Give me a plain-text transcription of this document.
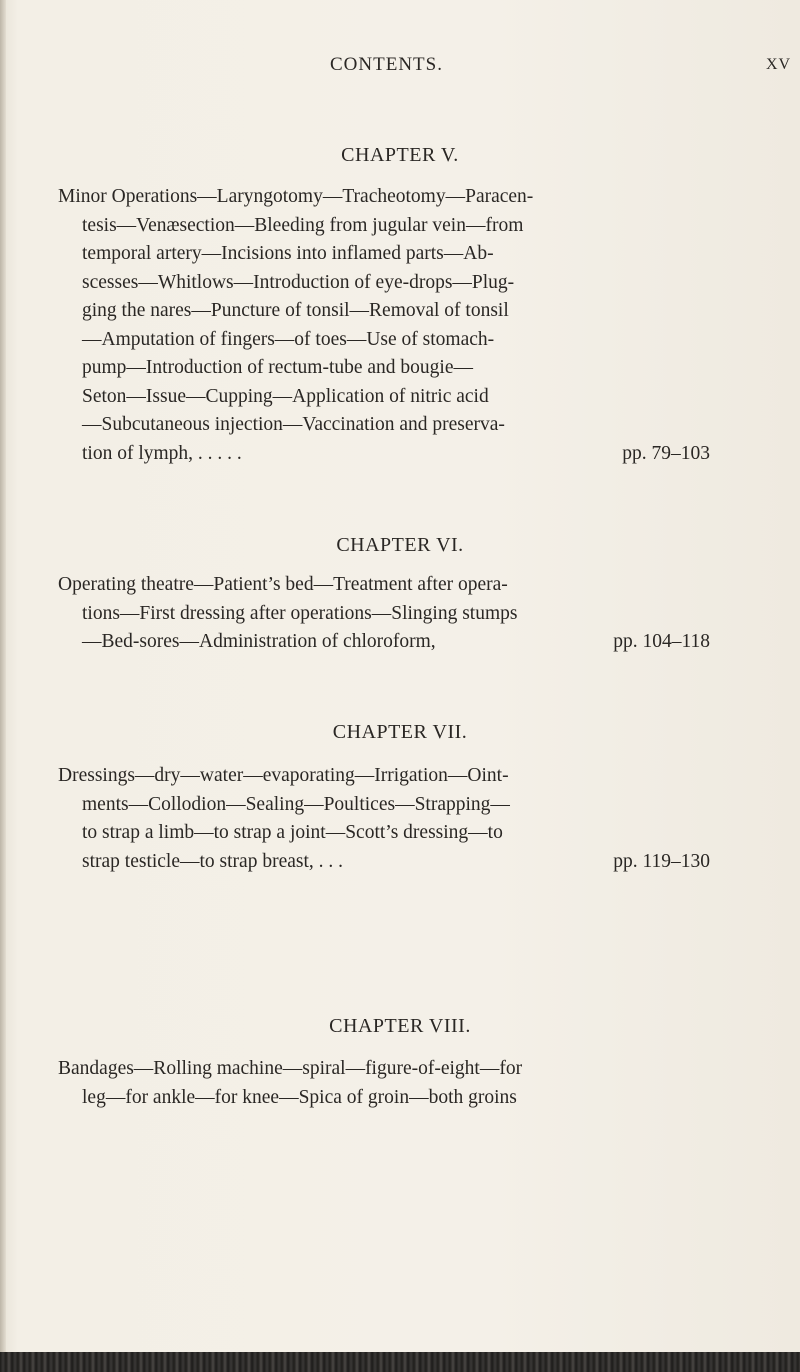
CONTENTS.	XV
CHAPTER V.
Minor Operations—Laryngotomy—Tracheotomy—Paracen-
tesis—Venæsection—Bleeding from jugular vein—from
temporal artery—Incisions into inflamed parts—Ab-
scesses—Whitlows—Introduction of eye-drops—Plug-
ging the nares—Puncture of tonsil—Removal of tonsil
—Amputation of fingers—of toes—Use of stomach-
pump—Introduction of rectum-tube and bougie—
Seton—Issue—Cupping—Application of nitric acid
—Subcutaneous injection—Vaccination and preserva-
tion of lymph, . . . . .	pp. 79–103
CHAPTER VI.
Operating theatre—Patient’s bed—Treatment after opera-
tions—First dressing after operations—Slinging stumps
—Bed-sores—Administration of chloroform,	pp. 104–118
CHAPTER VII.
Dressings—dry—water—evaporating—Irrigation—Oint-
ments—Collodion—Sealing—Poultices—Strapping—
to strap a limb—to strap a joint—Scott’s dressing—to
strap testicle—to strap breast, . . .	pp. 119–130
CHAPTER VIII.
Bandages—Rolling machine—spiral—figure-of-eight—for
leg—for ankle—for knee—Spica of groin—both groins
